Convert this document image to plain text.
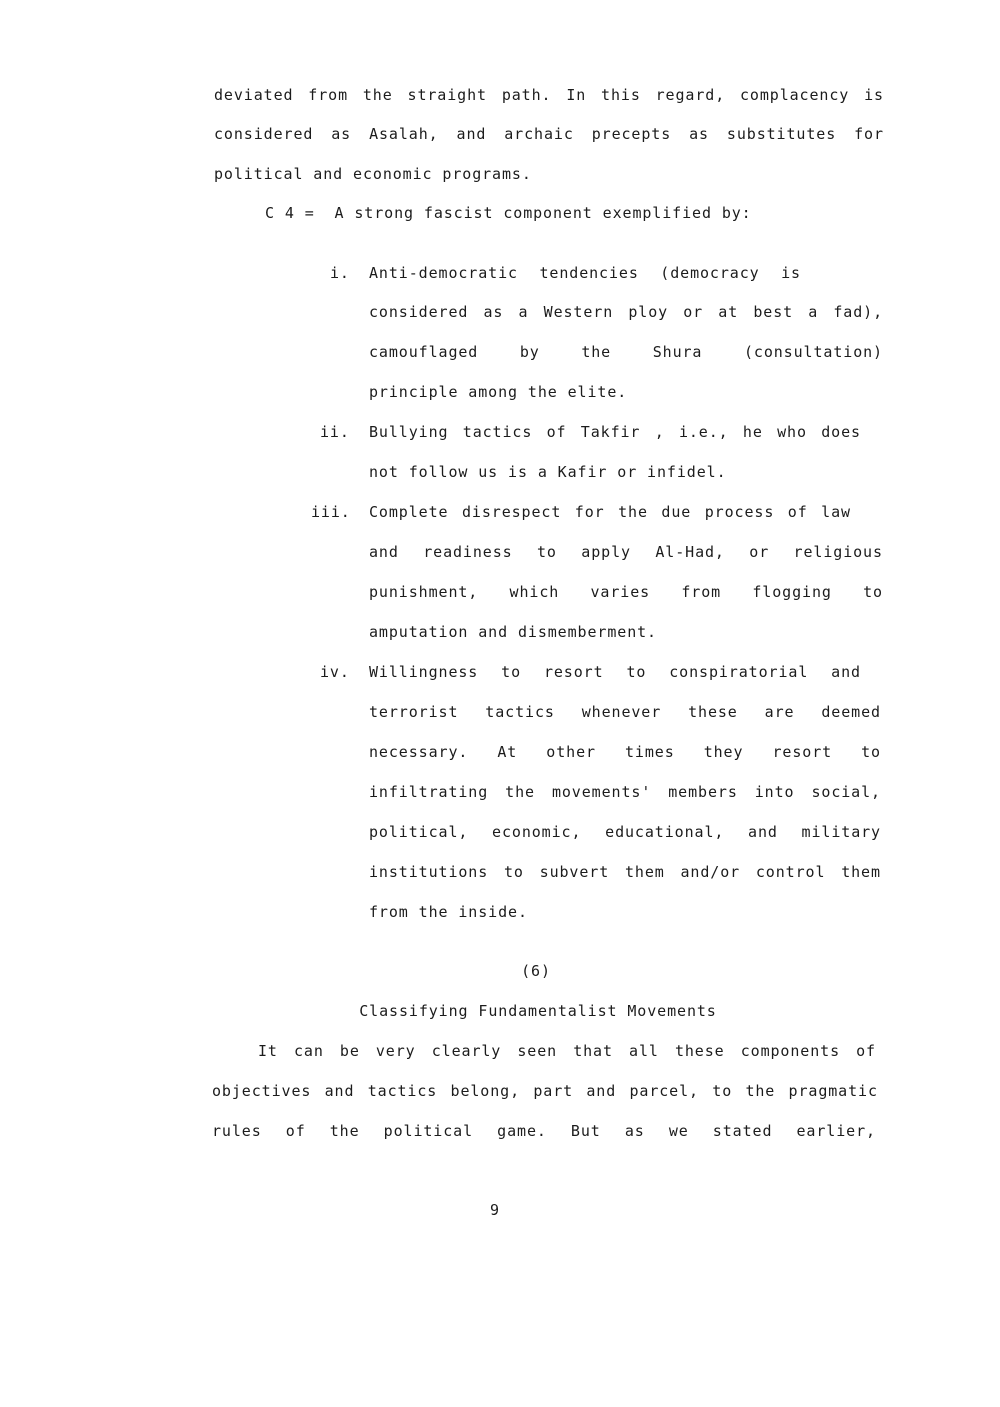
deviated from the straight path. In this regard, complacency is
considered as Asalah, and archaic precepts as substitutes for
political and economic programs.
C 4 =  A strong fascist component exemplified by:
i. Anti-democratic tendencies (democracy is
considered as a Western ploy or at best a fad),
camouflaged	by	the	Shura	(consultation)
principle among the elite.
ii. Bullying tactics of Takfir , i.e., he who does
not follow us is a Kafir or infidel.
iii. Complete disrespect for the due process of law
and readiness to apply Al-Had, or religious
punishment, which varies from flogging to
amputation and dismemberment.
iv. Willingness to resort to conspiratorial and
terrorist tactics whenever these are deemed
necessary. At other times they resort to
infiltrating the movements' members into social,
political, economic, educational, and military
institutions to subvert them and/or control them
from the inside.
(6)
Classifying Fundamentalist Movements
It can be very clearly seen that all these components of
objectives and tactics belong, part and parcel, to the pragmatic
rules of the political game. But as we stated earlier,
9
